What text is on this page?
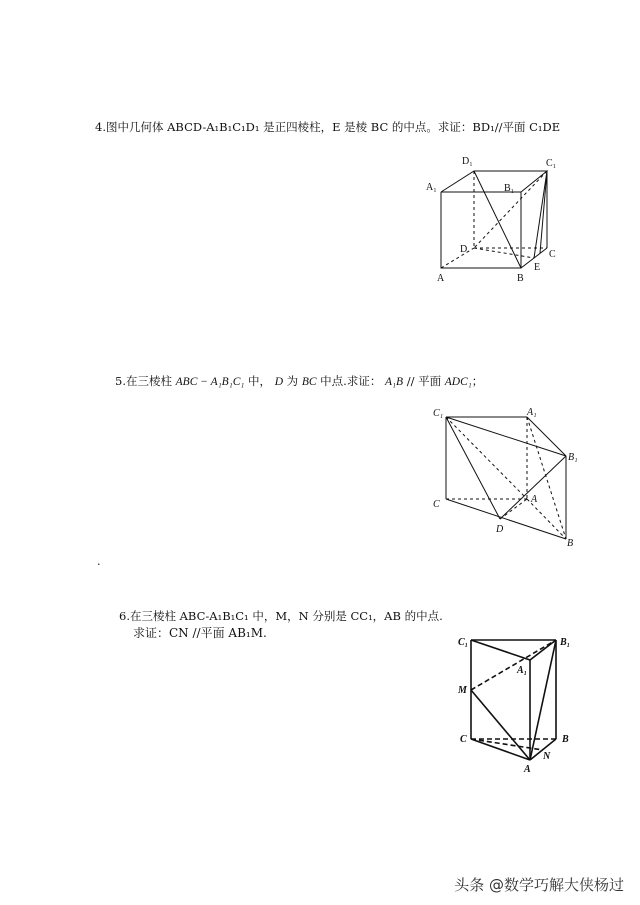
4.图中几何体 ABCD-A₁B₁C₁D₁ 是正四棱柱，E 是棱 BC 的中点。求证：BD₁//平面 C₁DE
D₁	C₁
A₁	B₁
D	C
E
A	B
C₁	A₁
B₁
A
C
D
B
C₁	B₁
A₁
M
C	B
N
A
5.在三棱柱 ABC − A₁B₁C₁ 中， D 为 BC 中点.求证： A₁B // 平面 ADC₁；
.
6.在三棱柱 ABC-A₁B₁C₁ 中，M，N 分别是 CC₁，AB 的中点.
求证：CN //平面 AB₁M.
头条 @数学巧解大侠杨过
